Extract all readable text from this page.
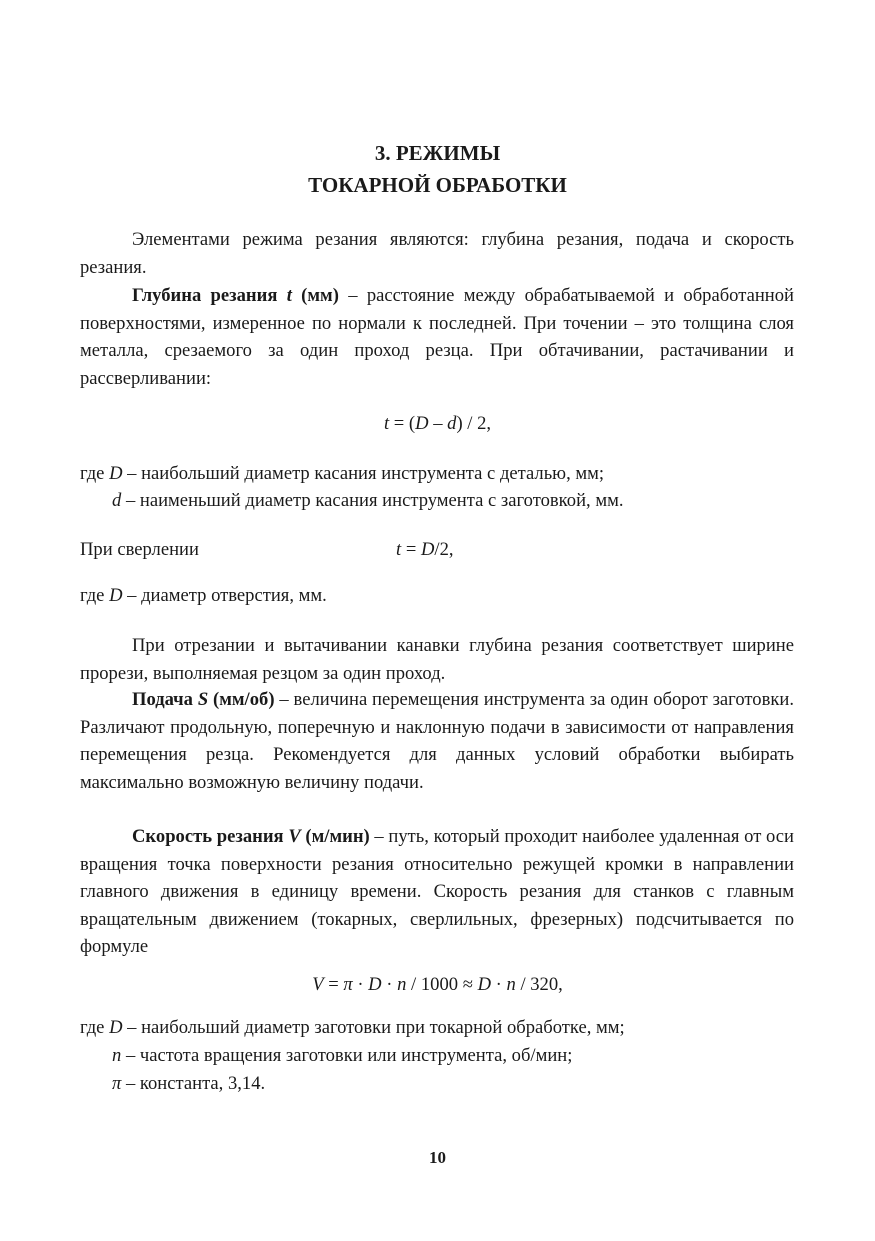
3. РЕЖИМЫ
ТОКАРНОЙ ОБРАБОТКИ
Элементами режима резания являются: глубина резания, подача и скорость резания.
Глубина резания t (мм) – расстояние между обрабатываемой и обработанной поверхностями, измеренное по нормали к последней. При точении – это толщина слоя металла, срезаемого за один проход резца. При обтачивании, растачивании и рассверливании:
t = (D – d) / 2,
где D – наибольший диаметр касания инструмента с деталью, мм;
d – наименьший диаметр касания инструмента с заготовкой, мм.
При сверлении	t = D/2,
где D – диаметр отверстия, мм.
При отрезании и вытачивании канавки глубина резания соответствует ширине прорези, выполняемая резцом за один проход.
Подача S (мм/об) – величина перемещения инструмента за один оборот заготовки. Различают продольную, поперечную и наклонную подачи в зависимости от направления перемещения резца. Рекомендуется для данных условий обработки выбирать максимально возможную величину подачи.
Скорость резания V (м/мин) – путь, который проходит наиболее удаленная от оси вращения точка поверхности резания относительно режущей кромки в направлении главного движения в единицу времени. Скорость резания для станков с главным вращательным движением (токарных, сверлильных, фрезерных) подсчитывается по формуле
V = π · D · n / 1000 ≈ D · n / 320,
где D – наибольший диаметр заготовки при токарной обработке, мм;
n – частота вращения заготовки или инструмента, об/мин;
π – константа, 3,14.
10
